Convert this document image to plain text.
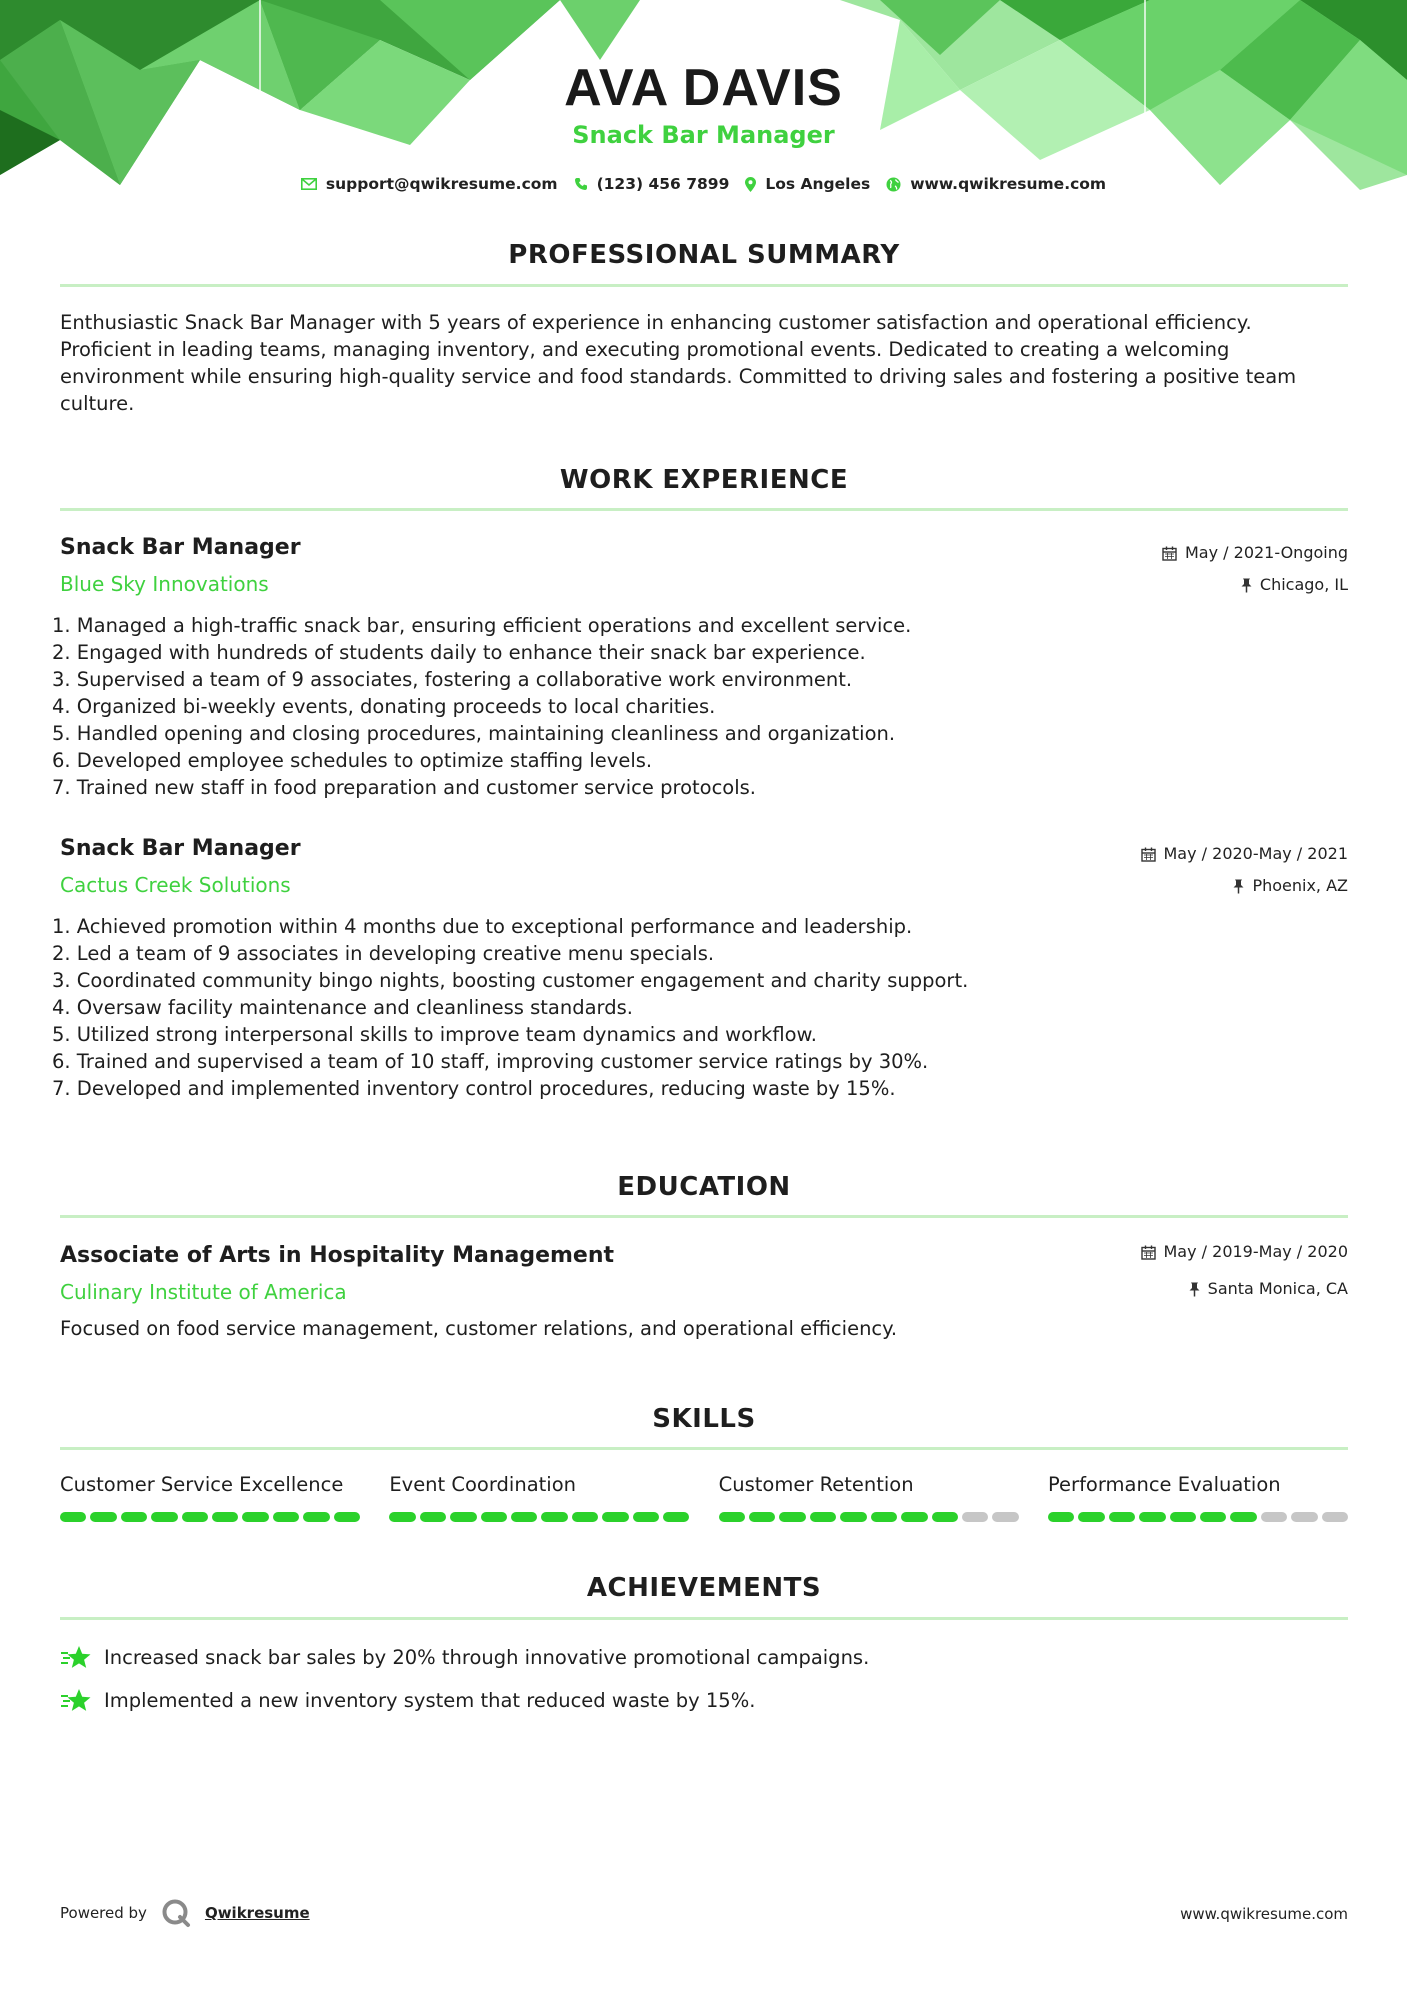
AVA DAVIS
Snack Bar Manager
support@qwikresume.com	(123) 456 7899 Los Angeles	www.qwikresume.com
PROFESSIONAL SUMMARY

Enthusiastic Snack Bar Manager with 5 years of experience in enhancing customer satisfaction and operational efficiency. Proficient in leading teams, managing inventory, and executing promotional events. Dedicated to creating a welcoming environment while ensuring high-quality service and food standards. Committed to driving sales and fostering a positive team culture.

WORK EXPERIENCE
Snack Bar Manager
Blue Sky Innovations
May / 2021-Ongoing
Chicago, IL
1. Managed a high-traffic snack bar, ensuring efficient operations and excellent service.
2. Engaged with hundreds of students daily to enhance their snack bar experience.
3. Supervised a team of 9 associates, fostering a collaborative work environment.
4. Organized bi-weekly events, donating proceeds to local charities.
5. Handled opening and closing procedures, maintaining cleanliness and organization.
6. Developed employee schedules to optimize staffing levels.
7. Trained new staff in food preparation and customer service protocols.
Snack Bar Manager
Cactus Creek Solutions
May / 2020-May / 2021
Phoenix, AZ
1. Achieved promotion within 4 months due to exceptional performance and leadership.
2. Led a team of 9 associates in developing creative menu specials.
3. Coordinated community bingo nights, boosting customer engagement and charity support.
4. Oversaw facility maintenance and cleanliness standards.
5. Utilized strong interpersonal skills to improve team dynamics and workflow.
6. Trained and supervised a team of 10 staff, improving customer service ratings by 30%.
7. Developed and implemented inventory control procedures, reducing waste by 15%.
EDUCATION
Associate of Arts in Hospitality Management
Culinary Institute of America
May / 2019-May / 2020
Santa Monica, CA
Focused on food service management, customer relations, and operational efficiency.
SKILLS
Customer Service Excellence	Event Coordination	Customer Retention	Performance Evaluation
ACHIEVEMENTS
Increased snack bar sales by 20% through innovative promotional campaigns.
Implemented a new inventory system that reduced waste by 15%.
Powered by	Qwikresume	www.qwikresume.com
